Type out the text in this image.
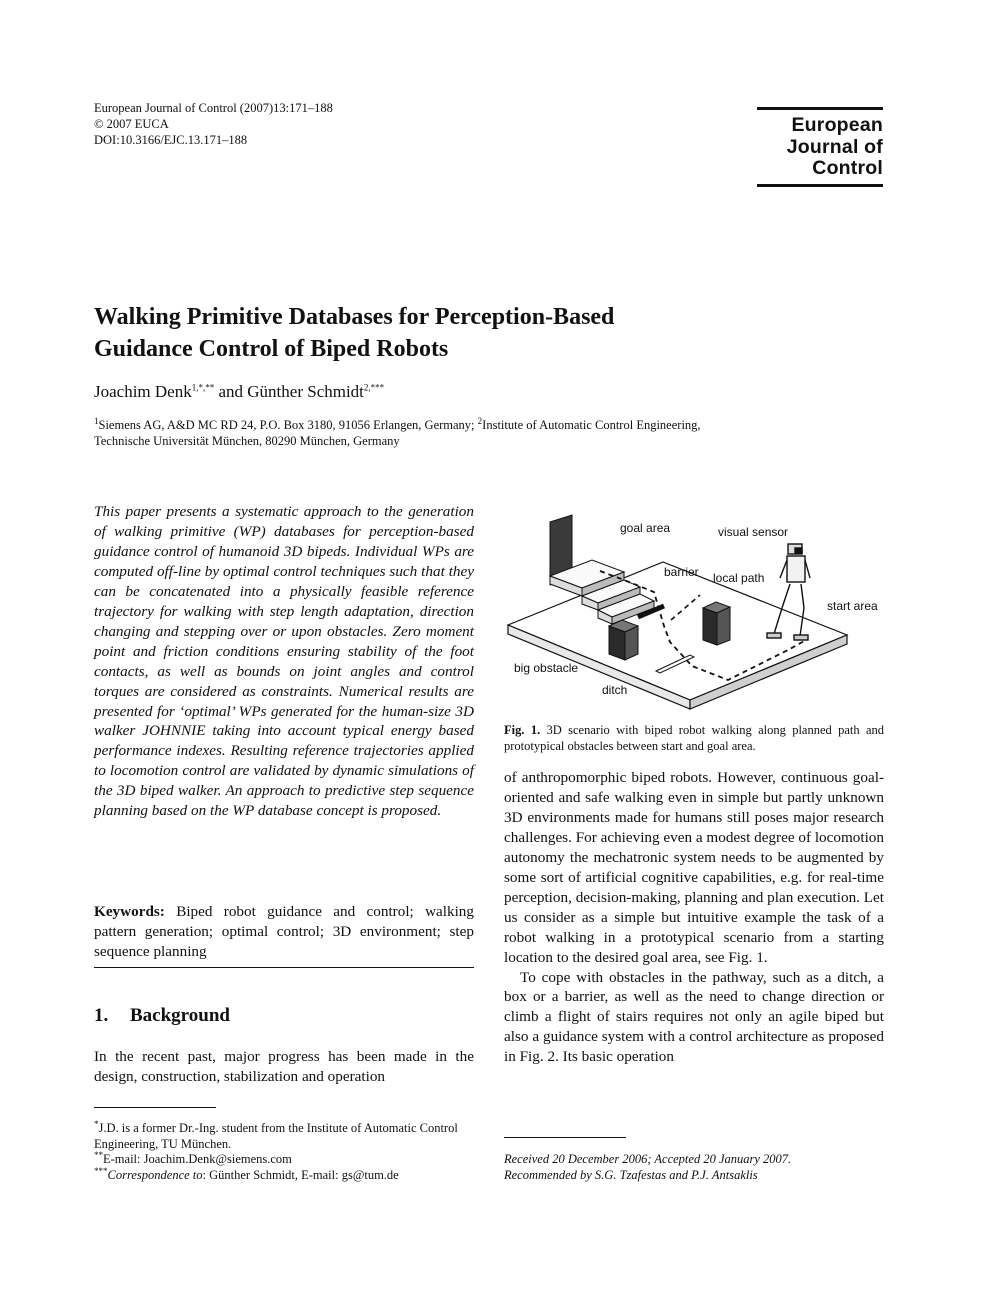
European Journal of Control (2007)13:171–188
© 2007 EUCA
DOI:10.3166/EJC.13.171–188
European
Journal of
Control
Walking Primitive Databases for Perception-Based
Guidance Control of Biped Robots
Joachim Denk$^{1,*,**}$ and Günther Schmidt$^{2,***}$
$^1$Siemens AG, A&D MC RD 24, P.O. Box 3180, 91056 Erlangen, Germany; $^2$Institute of Automatic Control Engineering,
Technische Universität München, 80290 München, Germany
This paper presents a systematic approach to the generation of walking primitive (WP) databases for perception-based guidance control of humanoid 3D bipeds. Individual WPs are computed off-line by optimal control techniques such that they can be concatenated into a physically feasible reference trajectory for walking with step length adaptation, direction changing and stepping over or upon obstacles. Zero moment point and friction conditions ensuring stability of the foot contacts, as well as bounds on joint angles and control torques are considered as constraints. Numerical results are presented for ‘optimal’ WPs generated for the human-size 3D walker JOHNNIE taking into account typical energy based performance indexes. Resulting reference trajectories applied to locomotion control are validated by dynamic simulations of the 3D biped walker. An approach to predictive step sequence planning based on the WP database concept is proposed.
Keywords: Biped robot guidance and control; walking pattern generation; optimal control; 3D environment; step sequence planning
1. Background
In the recent past, major progress has been made in the design, construction, stabilization and operation
*J.D. is a former Dr.-Ing. student from the Institute of Automatic Control Engineering, TU München.
**E-mail: Joachim.Denk@siemens.com
***Correspondence to: Günther Schmidt, E-mail: gs@tum.de
goal area	visual sensor
barrier local path
start area
big obstacle
ditch
Fig. 1. 3D scenario with biped robot walking along planned path and prototypical obstacles between start and goal area.

of anthropomorphic biped robots. However, continuous goal-oriented and safe walking even in simple but partly unknown 3D environments made for humans still poses major research challenges. For achieving even a modest degree of locomotion autonomy the mechatronic system needs to be augmented by some sort of artificial cognitive capabilities, e.g. for real-time perception, decision-making, planning and plan execution. Let us consider as a simple but intuitive example the task of a robot walking in a prototypical scenario from a starting location to the desired goal area, see Fig. 1.

To cope with obstacles in the pathway, such as a ditch, a box or a barrier, as well as the need to change direction or climb a flight of stairs requires not only an agile biped but also a guidance system with a control architecture as proposed in Fig. 2. Its basic operation

Received 20 December 2006; Accepted 20 January 2007.
Recommended by S.G. Tzafestas and P.J. Antsaklis
